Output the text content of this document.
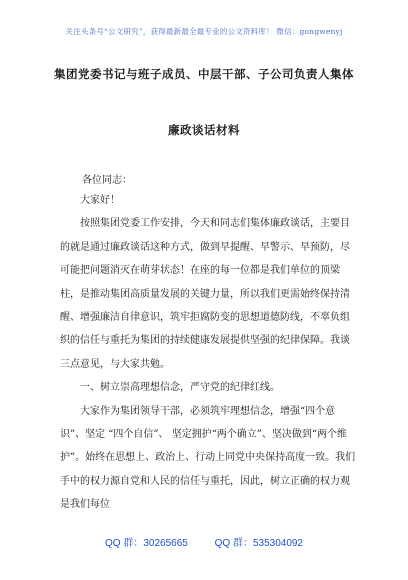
关注头条号“公文研究”，获得最新最全最专业的公文资料库！ 微信：gongwenyj
集团党委书记与班子成员、中层干部、子公司负责人集体
廉政谈话材料
各位同志：

大家好！

按照集团党委工作安排，今天和同志们集体廉政谈话，主要目的就是通过廉政谈话这种方式，做到早提醒、早警示、早预防，尽可能把问题消灭在萌芽状态！在座的每一位都是我们单位的顶梁柱，是推动集团高质量发展的关键力量，所以我们更需始终保持清醒、增强廉洁自律意识，筑牢拒腐防变的思想道德防线，不辜负组织的信任与重托为集团的持续健康发展提供坚强的纪律保障。我谈三点意见，与大家共勉。

一、树立崇高理想信念，严守党的纪律红线。

大家作为集团领导干部，必须筑牢理想信念，增强“四个意识”、坚定 “四个自信”、 坚定拥护“两个确立”、坚决做到“两个维护”。始终在思想上、政治上、行动上同党中央保持高度一致。我们手中的权力源自党和人民的信任与重托，因此，树立正确的权力观是我们每位

QQ 群：30265665	QQ 群：535304092
